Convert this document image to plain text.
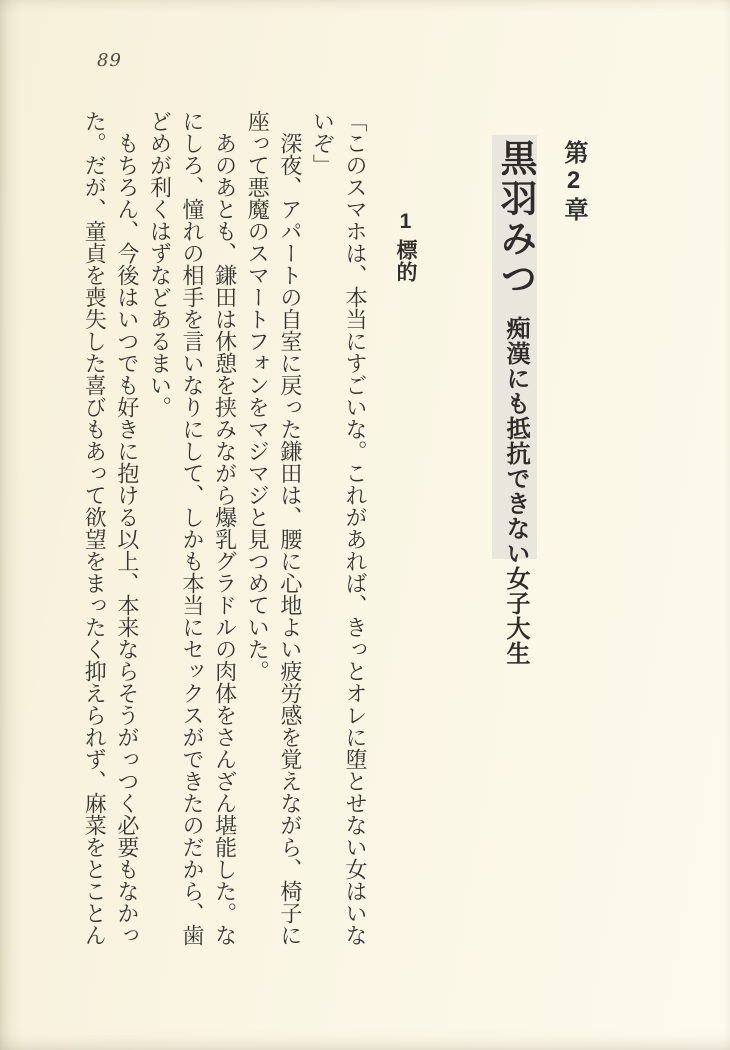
89
第2章
黒羽みつ痴漢にも抵抗できない女子大生
1標的

「このスマホは、本当にすごいな。これがあれば、きっとオレに堕とせない女はいないぞ」

深夜、アパートの自室に戻った鎌田は、腰に心地よい疲労感を覚えながら、椅子に座って悪魔のスマートフォンをマジマジと見つめていた。

あのあとも、鎌田は休憩を挟みながら爆乳グラドルの肉体をさんざん堪能した。なにしろ、憧れの相手を言いなりにして、しかも本当にセックスができたのだから、歯どめが利くはずなどあるまい。

もちろん、今後はいつでも好きに抱ける以上、本来ならそうがっつく必要もなかった。だが、童貞を喪失した喜びもあって欲望をまったく抑えられず、麻菜をとことん
